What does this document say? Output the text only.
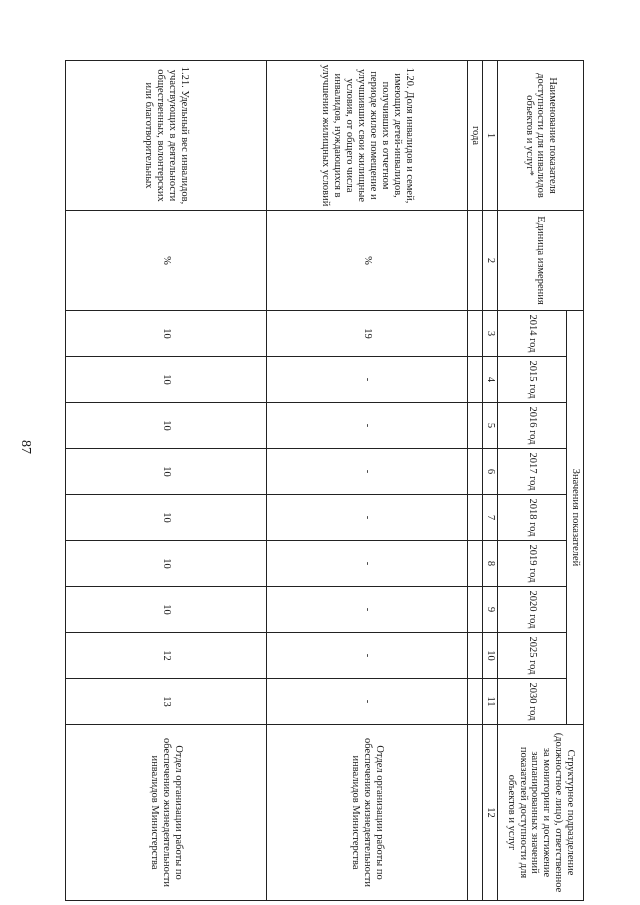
87
Наименование показателя доступности для инвалидов объектов и услуг*	Единица измерения	Значения показателей									Структурное подразделение (должностное лицо), ответственное за мониторинг и достижение запланированных значений показателей доступности для объектов и услуг
		2014 год	2015 год	2016 год	2017 год	2018 год	2019 год	2020 год	2025 год	2030 год	
1	2	3	4	5	6	7	8	9	10	11	12
года											
1.20. Доля инвалидов и семей, имеющих детей-инвалидов, получивших в отчетном периоде жилое помещение и улучшивших свои жилищные условия, от общего числа инвалидов, нуждающихся в улучшении жилищных условий	%	19	-	-	-	-	-	-	-	-	Отдел организации работы по обеспечению жизнедеятельности инвалидов Министерства
1.21. Удельный вес инвалидов, участвующих в деятельности общественных, волонтерских или благотворительных	%	10	10	10	10	10	10	10	12	13	Отдел организации работы по обеспечению жизнедеятельности инвалидов Министерства
